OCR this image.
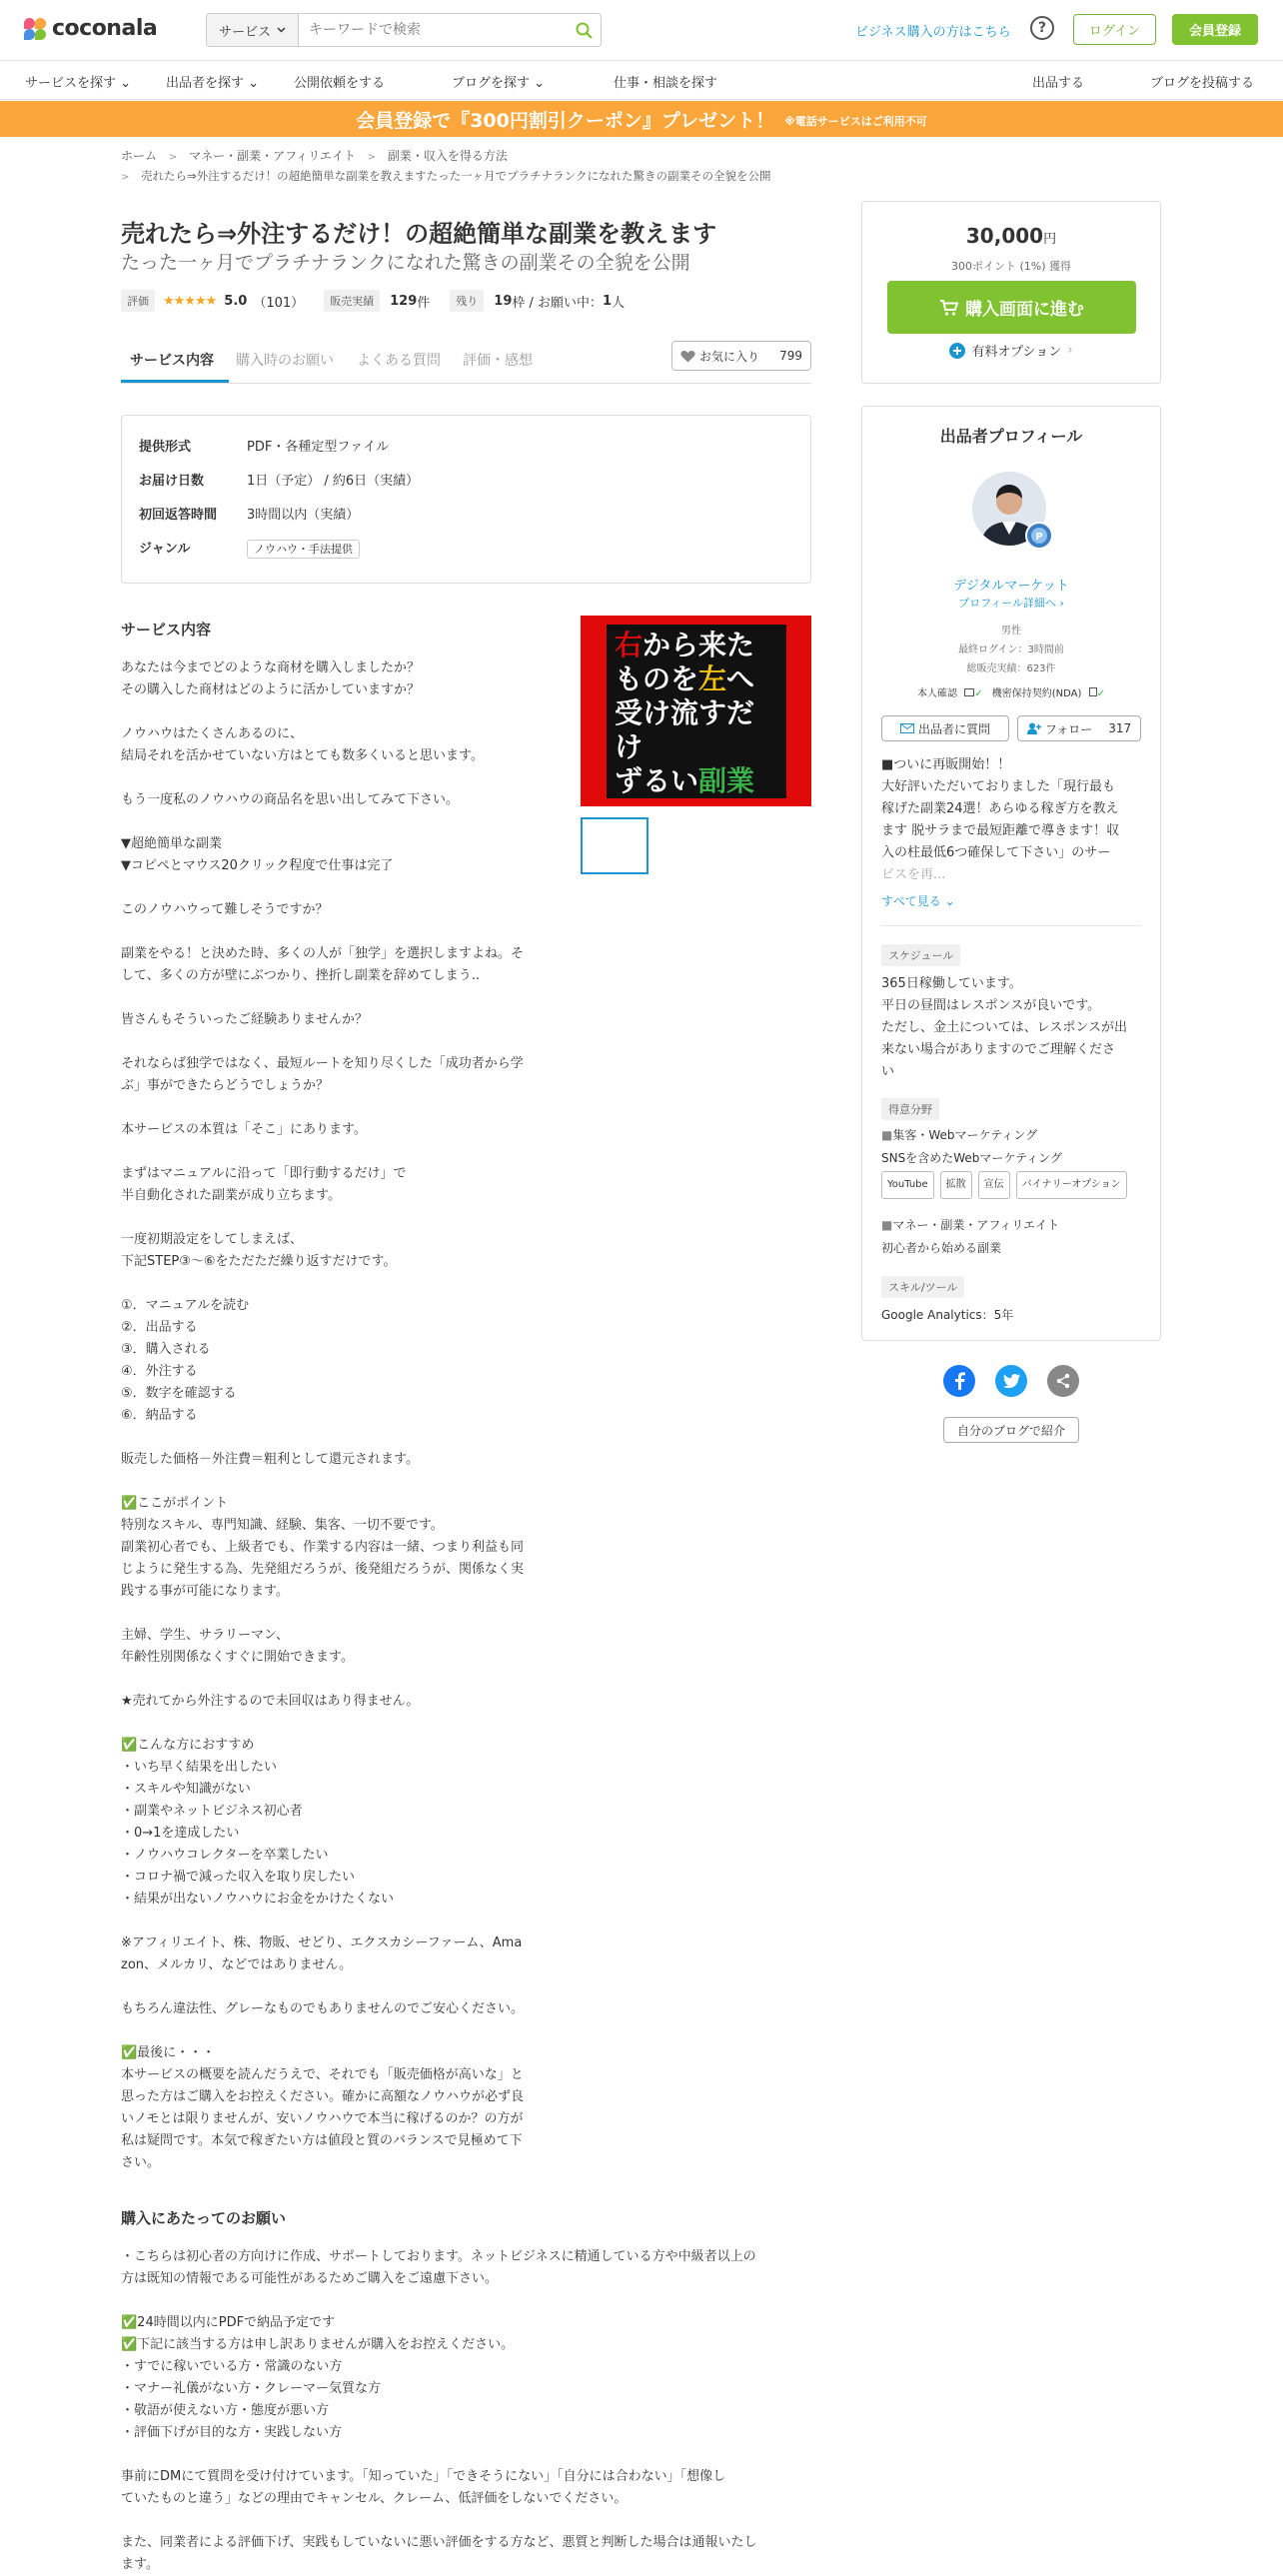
coconala	サービス
キーワードで検索	ビジネス購入の方はこちら	?	ログイン	会員登録
サービスを探す ⌄	出品者を探す ⌄	公開依頼をする	ブログを探す ⌄	仕事・相談を探す	出品する	ブログを投稿する
会員登録で『300円割引クーポン』プレゼント！ ※電話サービスはご利用不可
ホーム > マネー・副業・アフィリエイト > 副業・収入を得る方法
> 売れたら⇒外注するだけ！の超絶簡単な副業を教えますたった一ヶ月でプラチナランクになれた驚きの副業その全貌を公開
売れたら⇒外注するだけ！の超絶簡単な副業を教えます
たった一ヶ月でプラチナランクになれた驚きの副業その全貌を公開
評価	★★★★★ 5.0 （101）	販売実績	129 件	残り	19 枠 / お願い中： 1 人
サービス内容 購入時のお願い よくある質問 評価・感想	お気に入り 799
提供形式	PDF・各種定型ファイル
お届け日数	1日（予定） / 約6日（実績）
初回返答時間 3時間以内（実績）
ジャンル	ノウハウ・手法提供
サービス内容
あなたは今までどのような商材を購入しましたか？
その購入した商材はどのように活かしていますか？
ノウハウはたくさんあるのに、
結局それを活かせていない方はとても数多くいると思います。
もう一度私のノウハウの商品名を思い出してみて下さい。
▼超絶簡単な副業
▼コピペとマウス20クリック程度で仕事は完了
このノウハウって難しそうですか？
副業をやる！と決めた時、多くの人が「独学」を選択しますよね。そ
して、多くの方が壁にぶつかり、挫折し副業を辞めてしまう..
皆さんもそういったご経験ありませんか？
それならば独学ではなく、最短ルートを知り尽くした「成功者から学
ぶ」事ができたらどうでしょうか？
本サービスの本質は「そこ」にあります。
まずはマニュアルに沿って「即行動するだけ」で
半自動化された副業が成り立ちます。
一度初期設定をしてしまえば、
下記STEP③～⑥をただただ繰り返すだけです。
①．マニュアルを読む
②．出品する
③．購入される
④．外注する
⑤．数字を確認する
⑥．納品する
販売した価格－外注費＝粗利として還元されます。
✅ここがポイント
特別なスキル、専門知識、経験、集客、一切不要です。
副業初心者でも、上級者でも、作業する内容は一緒、つまり利益も同
じように発生する為、先発組だろうが、後発組だろうが、関係なく実
践する事が可能になります。
主婦、学生、サラリーマン、
年齢性別関係なくすぐに開始できます。
★売れてから外注するので未回収はあり得ません。
✅こんな方におすすめ
・いち早く結果を出したい
・スキルや知識がない
・副業やネットビジネス初心者
・0→1を達成したい
・ノウハウコレクターを卒業したい
・コロナ禍で減った収入を取り戻したい
・結果が出ないノウハウにお金をかけたくない
※アフィリエイト、株、物販、せどり、エクスカシーファーム、Ama
zon、メルカリ、などではありません。
もちろん違法性、グレーなものでもありませんのでご安心ください。
✅最後に・・・
本サービスの概要を読んだうえで、それでも「販売価格が高いな」と
思った方はご購入をお控えください。確かに高額なノウハウが必ず良
いノモとは限りませんが、安いノウハウで本当に稼げるのか？の方が
私は疑問です。本気で稼ぎたい方は値段と質のバランスで見極めて下
さい。
右から来た
ものを左へ
受け流すだ
け
ずるい副業
購入にあたってのお願い
・こちらは初心者の方向けに作成、サポートしております。ネットビジネスに精通している方や中級者以上の
方は既知の情報である可能性があるためご購入をご遠慮下さい。
✅24時間以内にPDFで納品予定です
✅下記に該当する方は申し訳ありませんが購入をお控えください。
・すでに稼いでいる方・常識のない方
・マナー礼儀がない方・クレーマー気質な方
・敬語が使えない方・態度が悪い方
・評価下げが目的な方・実践しない方
事前にDMにて質問を受け付けています。「知っていた」「できそうにない」「自分には合わない」「想像し
ていたものと違う」などの理由でキャンセル、クレーム、低評価をしないでください。
また、同業者による評価下げ、実践もしていないに悪い評価をする方など、悪質と判断した場合は通報いたし
ます。
30,000円
300ポイント (1%) 獲得
購入画面に進む
有料オプション ›
出品者プロフィール
P
デジタルマーケット
プロフィール詳細へ ›
男性
最終ログイン：3時間前
総販売実績：623件
本人確認 ✓ 機密保持契約(NDA) ✓
出品者に質問	フォロー 317
■ついに再販開始！！
大好評いただいておりました「現行最も
稼げた副業24選！あらゆる稼ぎ方を教え
ます 脱サラまで最短距離で導きます！収
入の柱最低6つ確保して下さい」のサー
ビスを再...
すべて見る ⌄
スケジュール
365日稼働しています。
平日の昼間はレスポンスが良いです。
ただし、金土については、レスポンスが出
来ない場合がありますのでご理解くださ
い
得意分野
■集客・Webマーケティング
SNSを含めたWebマーケティング
YouTube 拡散 宣伝 バイナリーオプション
■マネー・副業・アフィリエイト
初心者から始める副業
スキル/ツール
Google Analytics：5年
自分のブログで紹介
